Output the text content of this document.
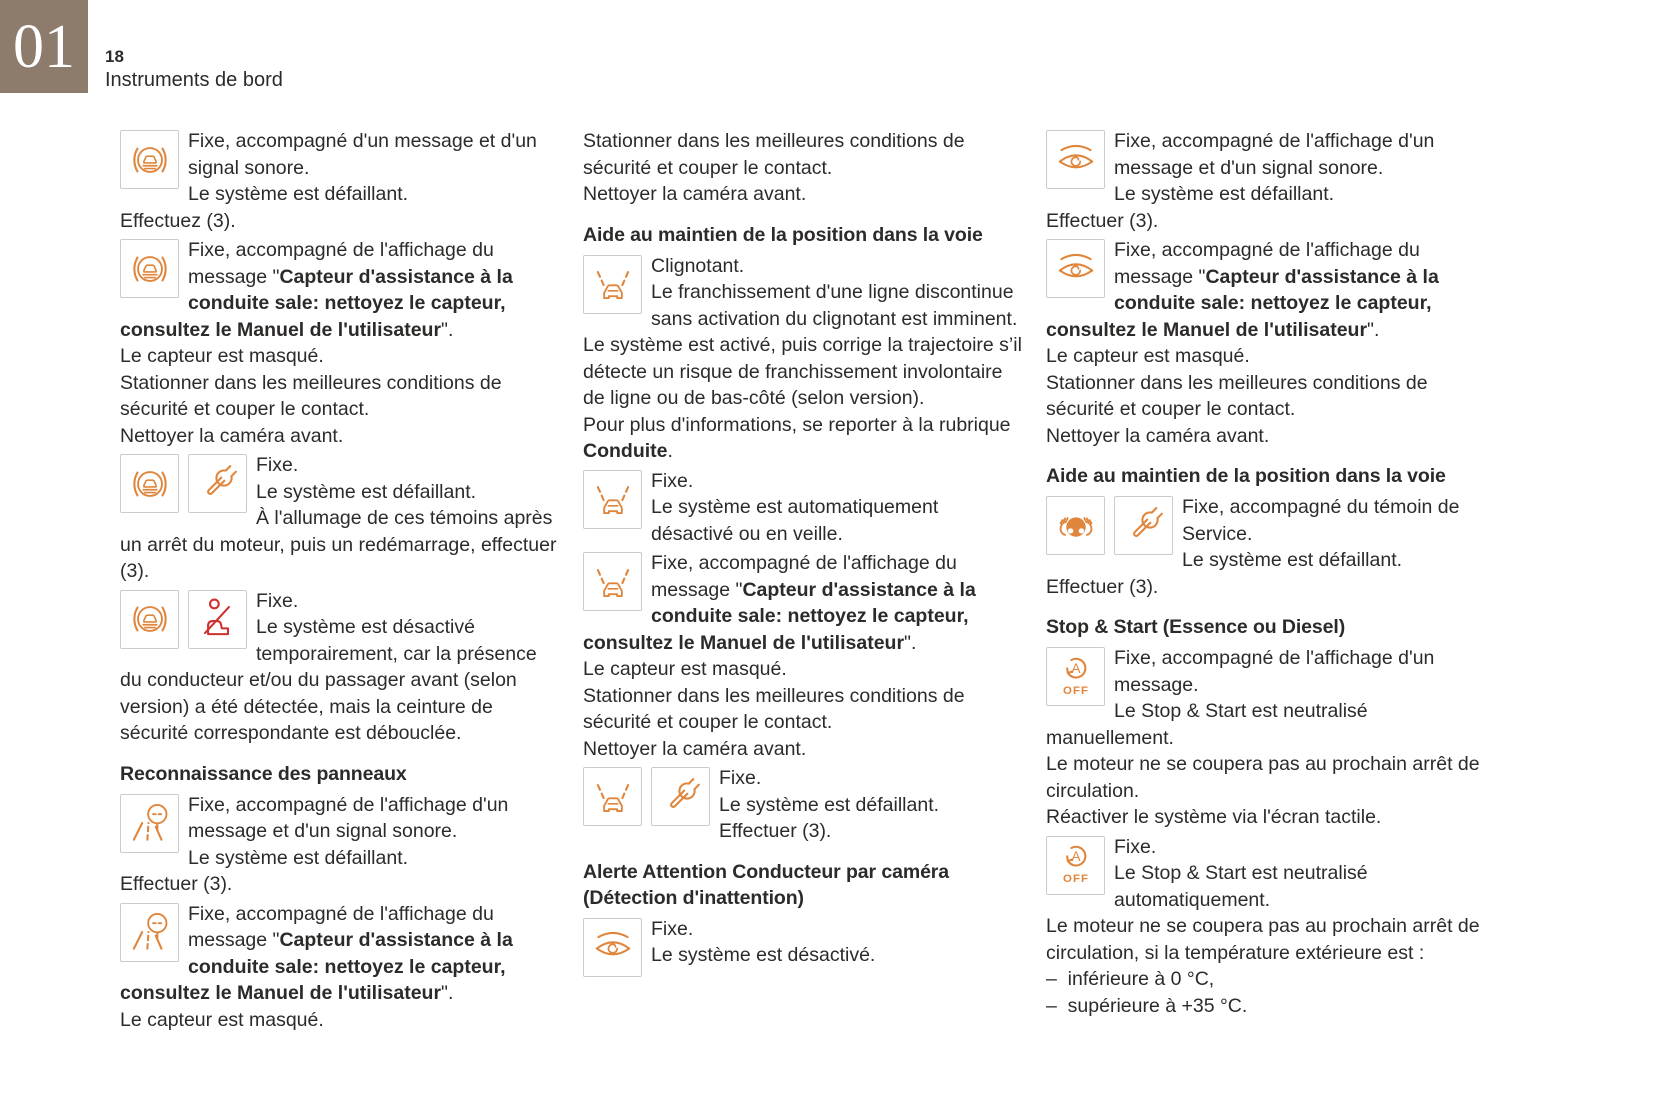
01 18
Instruments de bord

Fixe, accompagné d'un message et d'un signal sonore.

Le système est défaillant.

Effectuez (3).

Fixe, accompagné de l'affichage du message "Capteur d'assistance à la conduite sale: nettoyez le capteur, consultez le Manuel de l'utilisateur".

Le capteur est masqué.

Stationner dans les meilleures conditions de sécurité et couper le contact.

Nettoyer la caméra avant.

Fixe.

Le système est défaillant.

À l'allumage de ces témoins après un arrêt du moteur, puis un redémarrage, effectuer (3).

Fixe.

Le système est désactivé temporairement, car la présence du conducteur et/ou du passager avant (selon version) a été détectée, mais la ceinture de sécurité correspondante est débouclée.

Reconnaissance des panneaux

Fixe, accompagné de l'affichage d'un message et d'un signal sonore.

Le système est défaillant.

Effectuer (3).

Fixe, accompagné de l'affichage du message "Capteur d'assistance à la conduite sale: nettoyez le capteur, consultez le Manuel de l'utilisateur".

Le capteur est masqué.

Stationner dans les meilleures conditions de sécurité et couper le contact.

Nettoyer la caméra avant.

Aide au maintien de la position dans la voie

Clignotant.

Le franchissement d'une ligne discontinue sans activation du clignotant est imminent.

Le système est activé, puis corrige la trajectoire s’il détecte un risque de franchissement involontaire de ligne ou de bas-côté (selon version).

Pour plus d'informations, se reporter à la rubrique Conduite.

Fixe.

Le système est automatiquement désactivé ou en veille.

Fixe, accompagné de l'affichage du message "Capteur d'assistance à la conduite sale: nettoyez le capteur, consultez le Manuel de l'utilisateur".

Le capteur est masqué.

Stationner dans les meilleures conditions de sécurité et couper le contact.

Nettoyer la caméra avant.

Fixe.

Le système est défaillant.

Effectuer (3).

Alerte Attention Conducteur par caméra (Détection d'inattention)

Fixe.

Le système est désactivé.

Fixe, accompagné de l'affichage d'un message et d'un signal sonore.

Le système est défaillant.

Effectuer (3).

Fixe, accompagné de l'affichage du message "Capteur d'assistance à la conduite sale: nettoyez le capteur, consultez le Manuel de l'utilisateur".

Le capteur est masqué.

Stationner dans les meilleures conditions de sécurité et couper le contact.

Nettoyer la caméra avant.

Aide au maintien de la position dans la voie

Fixe, accompagné du témoin de Service.

Le système est défaillant.

Effectuer (3).

Stop & Start (Essence ou Diesel)
A
OFF

Fixe, accompagné de l'affichage d'un message.

Le Stop & Start est neutralisé manuellement.

Le moteur ne se coupera pas au prochain arrêt de circulation.

Réactiver le système via l'écran tactile.

A
OFF

Fixe.

Le Stop & Start est neutralisé automatiquement.

Le moteur ne se coupera pas au prochain arrêt de circulation, si la température extérieure est :

–  inférieure à 0 °C,

–  supérieure à +35 °C.
